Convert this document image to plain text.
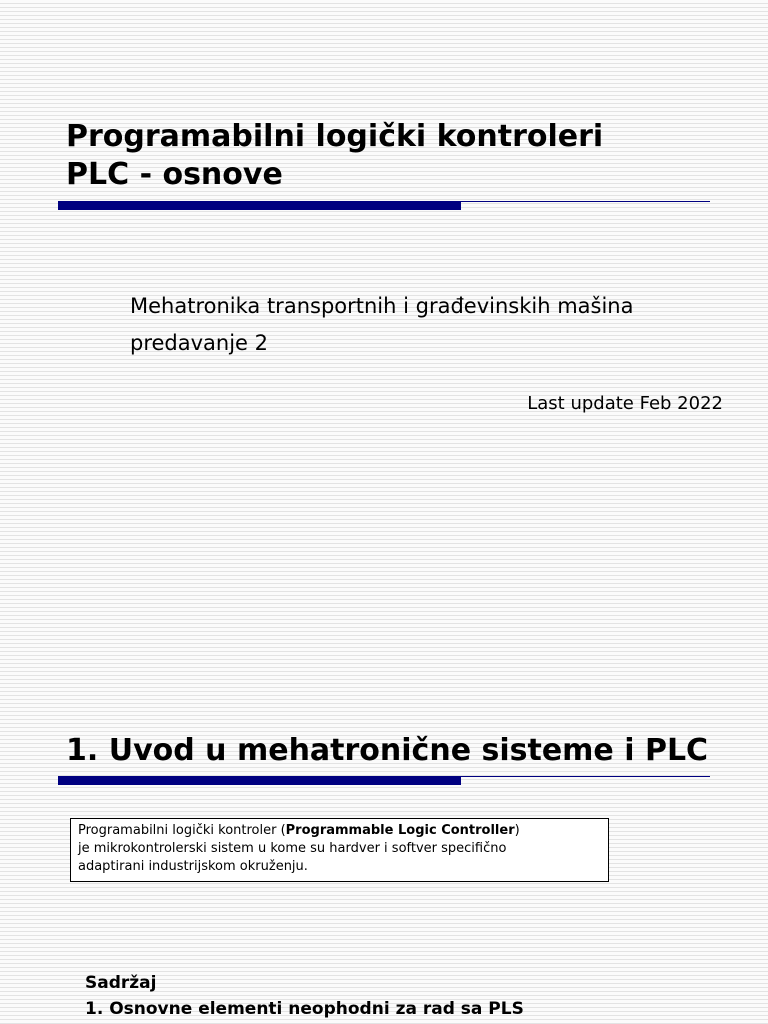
Programabilni logički kontroleri
PLC - osnove
Mehatronika transportnih i građevinskih mašina
predavanje 2
Last update Feb 2022
1. Uvod u mehatronične sisteme i PLC
Programabilni logički kontroler (Programmable Logic Controller)
je mikrokontrolerski sistem u kome su hardver i softver specifično
adaptirani industrijskom okruženju.
Sadržaj
1. Osnovne elementi neophodni za rad sa PLS
